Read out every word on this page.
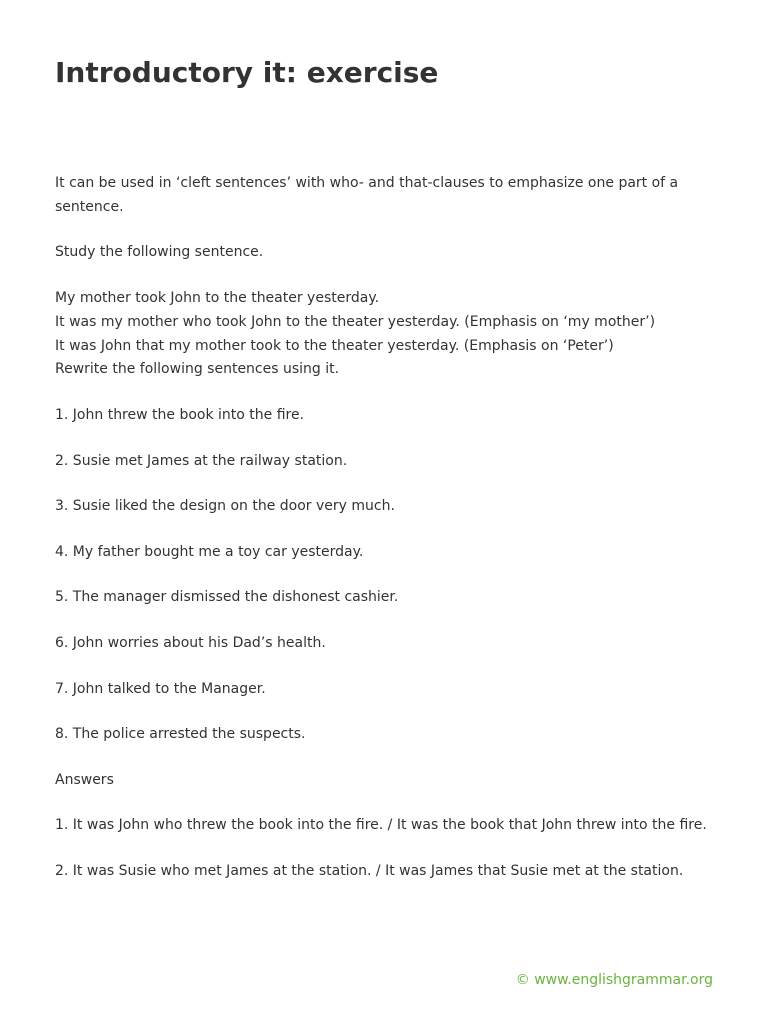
Introductory it: exercise

It can be used in ‘cleft sentences’ with who- and that-clauses to emphasize one part of a sentence.

Study the following sentence.

My mother took John to the theater yesterday.
It was my mother who took John to the theater yesterday. (Emphasis on ‘my mother’)
It was John that my mother took to the theater yesterday. (Emphasis on ‘Peter’)
Rewrite the following sentences using it.

1. John threw the book into the fire.

2. Susie met James at the railway station.

3. Susie liked the design on the door very much.

4. My father bought me a toy car yesterday.

5. The manager dismissed the dishonest cashier.

6. John worries about his Dad’s health.

7. John talked to the Manager.

8. The police arrested the suspects.

Answers

1. It was John who threw the book into the fire. / It was the book that John threw into the fire.

2. It was Susie who met James at the station. / It was James that Susie met at the station.

© www.englishgrammar.org
